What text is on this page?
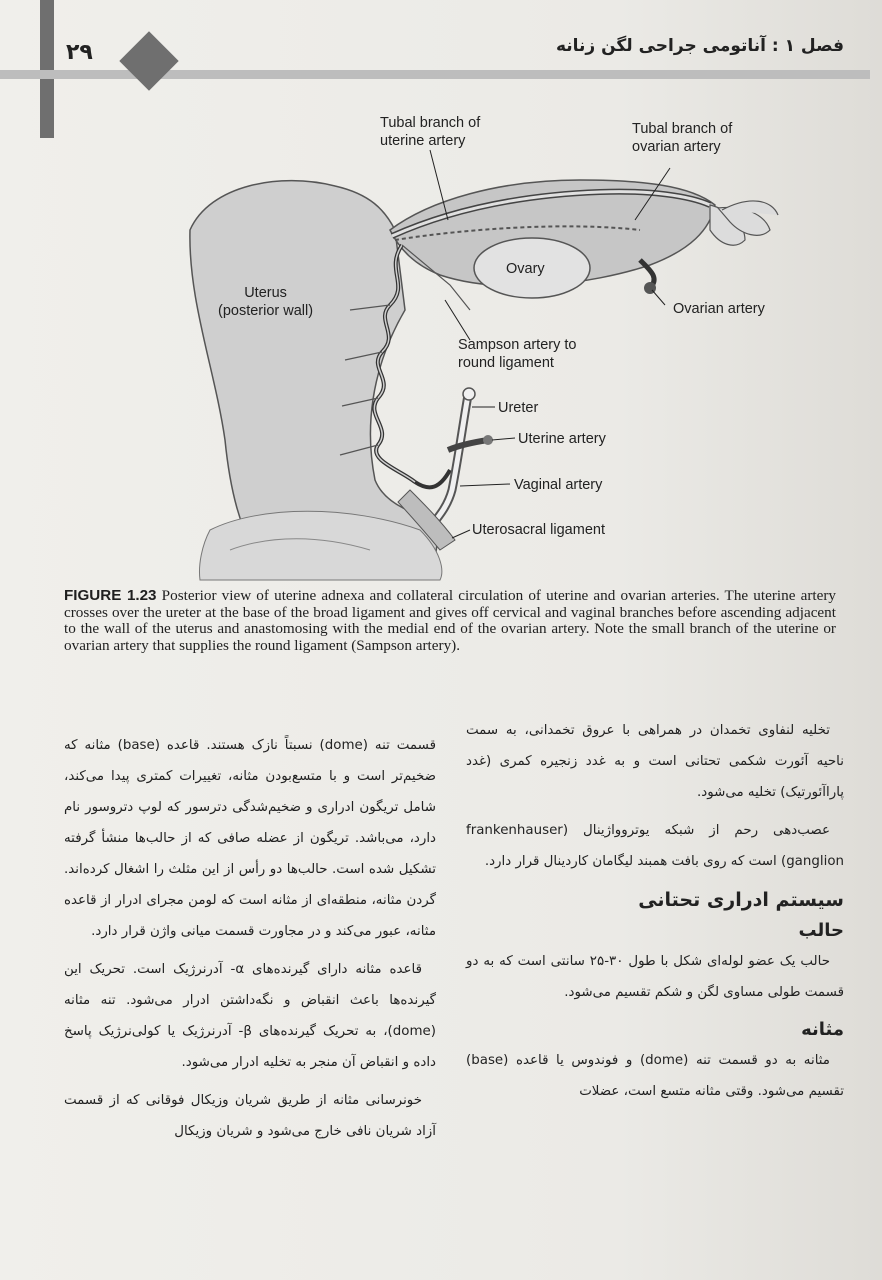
۲۹	فصل ۱ : آناتومی جراحی لگن زنانه
Tubal branch of
uterine artery
Tubal branch of
ovarian artery
Uterus
(posterior wall)
Ovary
Ovarian artery
Sampson artery to
round ligament
Ureter
Uterine artery
Vaginal artery
Uterosacral ligament
FIGURE 1.23 Posterior view of uterine adnexa and collateral circulation of uterine and ovarian arteries. The uterine artery crosses over the ureter at the base of the broad ligament and gives off cervical and vaginal branches before ascending adjacent to the wall of the uterus and anastomosing with the medial end of the ovarian artery. Note the small branch of the uterine or ovarian artery that supplies the round ligament (Sampson artery).

تخلیه لنفاوی تخمدان در همراهی با عروق تخمدانی، به سمت ناحیه آئورت شکمی تحتانی است و به غدد زنجیره کمری (غدد پاراآئورتیک) تخلیه می‌شود.

عصب‌دهی رحم از شبکه یوتروواژینال (frankenhauser ganglion) است که روی بافت همبند لیگامان کاردینال قرار دارد.

سیستم ادراری تحتانی
حالب

حالب یک عضو لوله‌ای شکل با طول ۳۰-۲۵ سانتی است که به دو قسمت طولی مساوی لگن و شکم تقسیم می‌شود.

مثانه

مثانه به دو قسمت تنه (dome) و فوندوس یا قاعده (base) تقسیم می‌شود. وقتی مثانه متسع است، عضلات

قسمت تنه (dome) نسبتاً نازک هستند. قاعده (base) مثانه که ضخیم‌تر است و با متسع‌بودن مثانه، تغییرات کمتری پیدا می‌کند، شامل تریگون ادراری و ضخیم‌شدگی دترسور که لوپ دتروسور نام دارد، می‌باشد. تریگون از عضله صافی که از حالب‌ها منشأ گرفته تشکیل شده است. حالب‌ها دو رأس از این مثلث را اشغال کرده‌اند. گردن مثانه، منطقه‌ای از مثانه است که لومن مجرای ادرار از قاعده مثانه، عبور می‌کند و در مجاورت قسمت میانی واژن قرار دارد.

قاعده مثانه دارای گیرنده‌های α- آدرنرژیک است. تحریک این گیرنده‌ها باعث انقباض و نگه‌داشتن ادرار می‌شود. تنه مثانه (dome)، به تحریک گیرنده‌های β- آدرنرژیک یا کولی‌نرژیک پاسخ داده و انقباض آن منجر به تخلیه ادرار می‌شود.

خونرسانی مثانه از طریق شریان وزیکال فوقانی که از قسمت آزاد شریان نافی خارج می‌شود و شریان وزیکال
